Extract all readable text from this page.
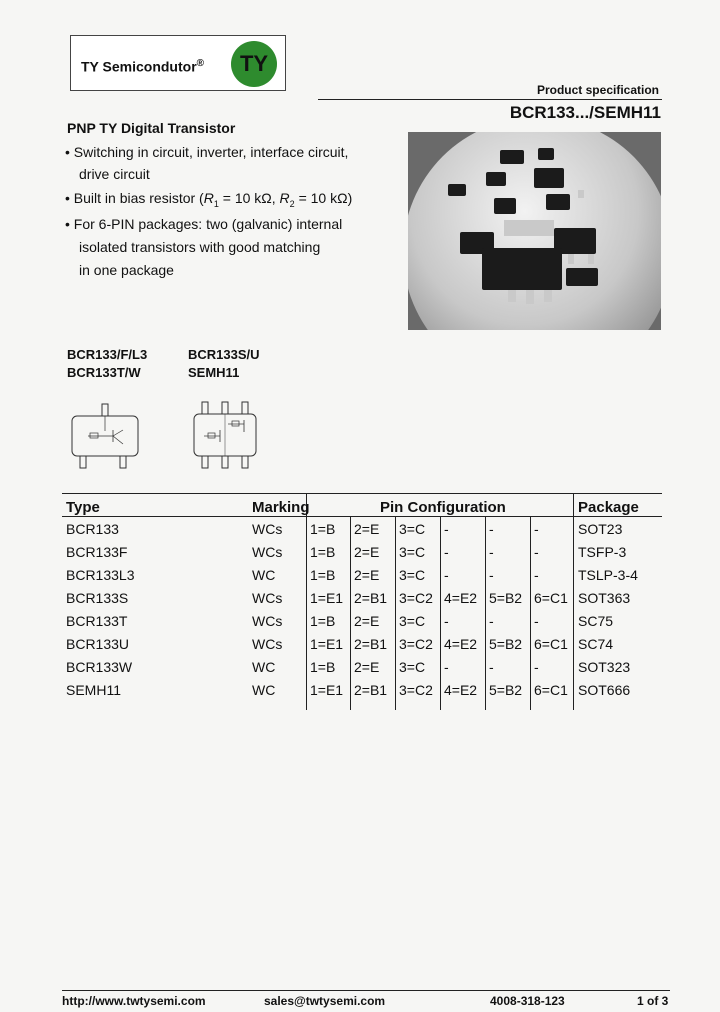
TY Semicondutor®	TY
Product specification
BCR133.../SEMH11
PNP TY Digital Transistor
• Switching in circuit, inverter, interface circuit,
drive circuit
• Built in bias resistor ($R_1 = 10$ kΩ, $R_2 = 10$ kΩ)
• For 6-PIN packages: two (galvanic) internal
isolated transistors with good matching
in one package
BCR133/F/L3
BCR133T/W
BCR133S/U
SEMH11
Type	Marking	Pin Configuration	Package
BCR133	WCs 1=B 2=E 3=C -	-	-	SOT23
BCR133F	WCs 1=B 2=E 3=C -	-	-	TSFP-3
BCR133L3	WC 1=B 2=E 3=C -	-	-	TSLP-3-4
BCR133S	WCs 1=E1 2=B1 3=C2 4=E2 5=B2 6=C1 SOT363
BCR133T	WCs 1=B 2=E 3=C -	-	-	SC75
BCR133U	WCs 1=E1 2=B1 3=C2 4=E2 5=B2 6=C1 SC74
BCR133W	WC 1=B 2=E 3=C -	-	-	SOT323
SEMH11	WC 1=E1 2=B1 3=C2 4=E2 5=B2 6=C1 SOT666
http://www.twtysemi.com	sales@twtysemi.com	4008-318-123	1 of 3
